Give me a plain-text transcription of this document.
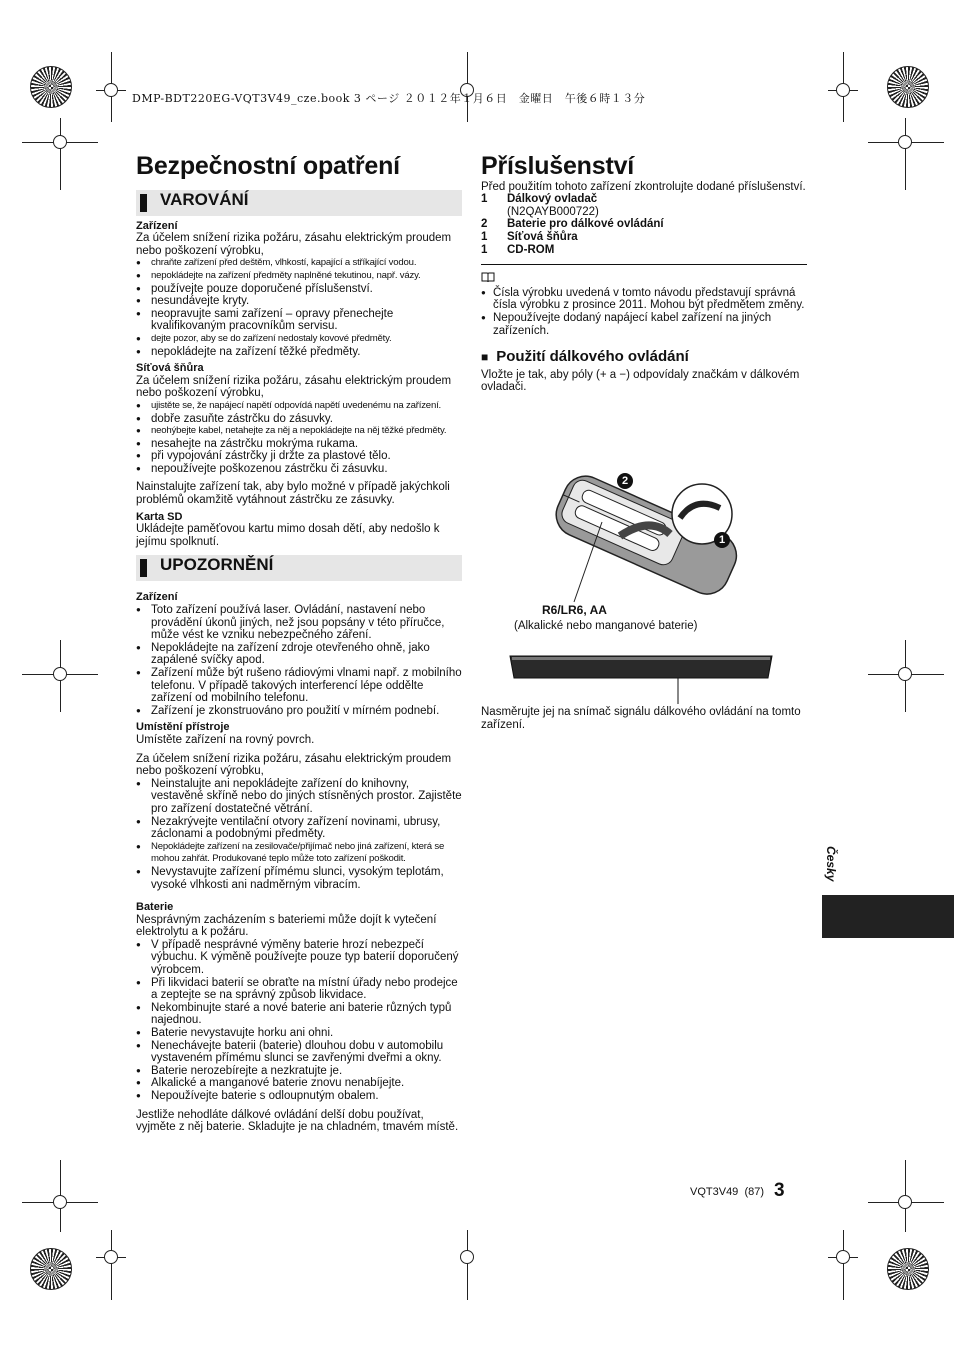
DMP-BDT220EG-VQT3V49_cze.book 3 ページ ２０１２年１月６日　金曜日　午後６時１３分
Bezpečnostní opatření
VAROVÁNÍ
Zařízení

Za účelem snížení rizika požáru, zásahu elektrickým proudem nebo poškození výrobku,

● chraňte zařízení před deštěm, vlhkostí, kapající a stříkající vodou.
● nepokládejte na zařízení předměty naplněné tekutinou, např. vázy.
● používejte pouze doporučené příslušenství.
● nesundávejte kryty.
● neopravujte sami zařízení – opravy přenechejte kvalifikovaným pracovníkům servisu.
● dejte pozor, aby se do zařízení nedostaly kovové předměty.
● nepokládejte na zařízení těžké předměty.
Síťová šňůra

Za účelem snížení rizika požáru, zásahu elektrickým proudem nebo poškození výrobku,

● ujistěte se, že napájecí napětí odpovídá napětí uvedenému na zařízení.
● dobře zasuňte zástrčku do zásuvky.
● neohýbejte kabel, netahejte za něj a nepokládejte na něj těžké předměty.
● nesahejte na zástrčku mokrýma rukama.
● při vypojování zástrčky ji držte za plastové tělo.
● nepoužívejte poškozenou zástrčku či zásuvku.

Nainstalujte zařízení tak, aby bylo možné v případě jakýchkoli problémů okamžitě vytáhnout zástrčku ze zásuvky.

Karta SD

Ukládejte paměťovou kartu mimo dosah dětí, aby nedošlo k jejímu spolknutí.

UPOZORNĚNÍ
Zařízení
● Toto zařízení používá laser. Ovládání, nastavení nebo provádění úkonů jiných, než jsou popsány v této příručce, může vést ke vzniku nebezpečného záření.
● Nepokládejte na zařízení zdroje otevřeného ohně, jako zapálené svíčky apod.
● Zařízení může být rušeno rádiovými vlnami např. z mobilního telefonu. V případě takových interferencí lépe oddělte zařízení od mobilního telefonu.
● Zařízení je zkonstruováno pro použití v mírném podnebí.
Umístění přístroje

Umístěte zařízení na rovný povrch.

Za účelem snížení rizika požáru, zásahu elektrickým proudem nebo poškození výrobku,

● Neinstalujte ani nepokládejte zařízení do knihovny, vestavěné skříně nebo do jiných stísněných prostor. Zajistěte pro zařízení dostatečné větrání.
● Nezakrývejte ventilační otvory zařízení novinami, ubrusy, záclonami a podobnými předměty.
● Nepokládejte zařízení na zesilovače/přijímač nebo jiná zařízení, která se mohou zahřát. Produkované teplo může toto zařízení poškodit.
● Nevystavujte zařízení přímému slunci, vysokým teplotám, vysoké vlhkosti ani nadměrným vibracím.
Baterie

Nesprávným zacházením s bateriemi může dojít k vytečení elektrolytu a k požáru.

● V případě nesprávné výměny baterie hrozí nebezpečí výbuchu. K výměně používejte pouze typ baterií doporučený výrobcem.
● Při likvidaci baterií se obraťte na místní úřady nebo prodejce a zeptejte se na správný způsob likvidace.
● Nekombinujte staré a nové baterie ani baterie různých typů najednou.
● Baterie nevystavujte horku ani ohni.
● Nenechávejte baterii (baterie) dlouhou dobu v automobilu vystaveném přímému slunci se zavřenými dveřmi a okny.
● Baterie nerozebírejte a nezkratujte je.
● Alkalické a manganové baterie znovu nenabíjejte.
● Nepoužívejte baterie s odloupnutým obalem.

Jestliže nehodláte dálkové ovládání delší dobu používat, vyjměte z něj baterie. Skladujte je na chladném, tmavém místě.

Příslušenství

Před použitím tohoto zařízení zkontrolujte dodané příslušenství.

1	Dálkový ovladač
(N2QAYB000722)
2	Baterie pro dálkové ovládání
1	Síťová šňůra
1	CD-ROM
● Čísla výrobku uvedená v tomto návodu představují správná čísla výrobku z prosince 2011. Mohou být předmětem změny.
● Nepoužívejte dodaný napájecí kabel zařízení na jiných zařízeních.
■ Použití dálkového ovládání

Vložte je tak, aby póly (+ a −) odpovídaly značkám v dálkovém ovladači.

2
1
R6/LR6, AA
(Alkalické nebo manganové baterie)
Nasměrujte jej na snímač signálu dálkového ovládání na tomto zařízení.
Česky
VQT3V49 (87) 3
